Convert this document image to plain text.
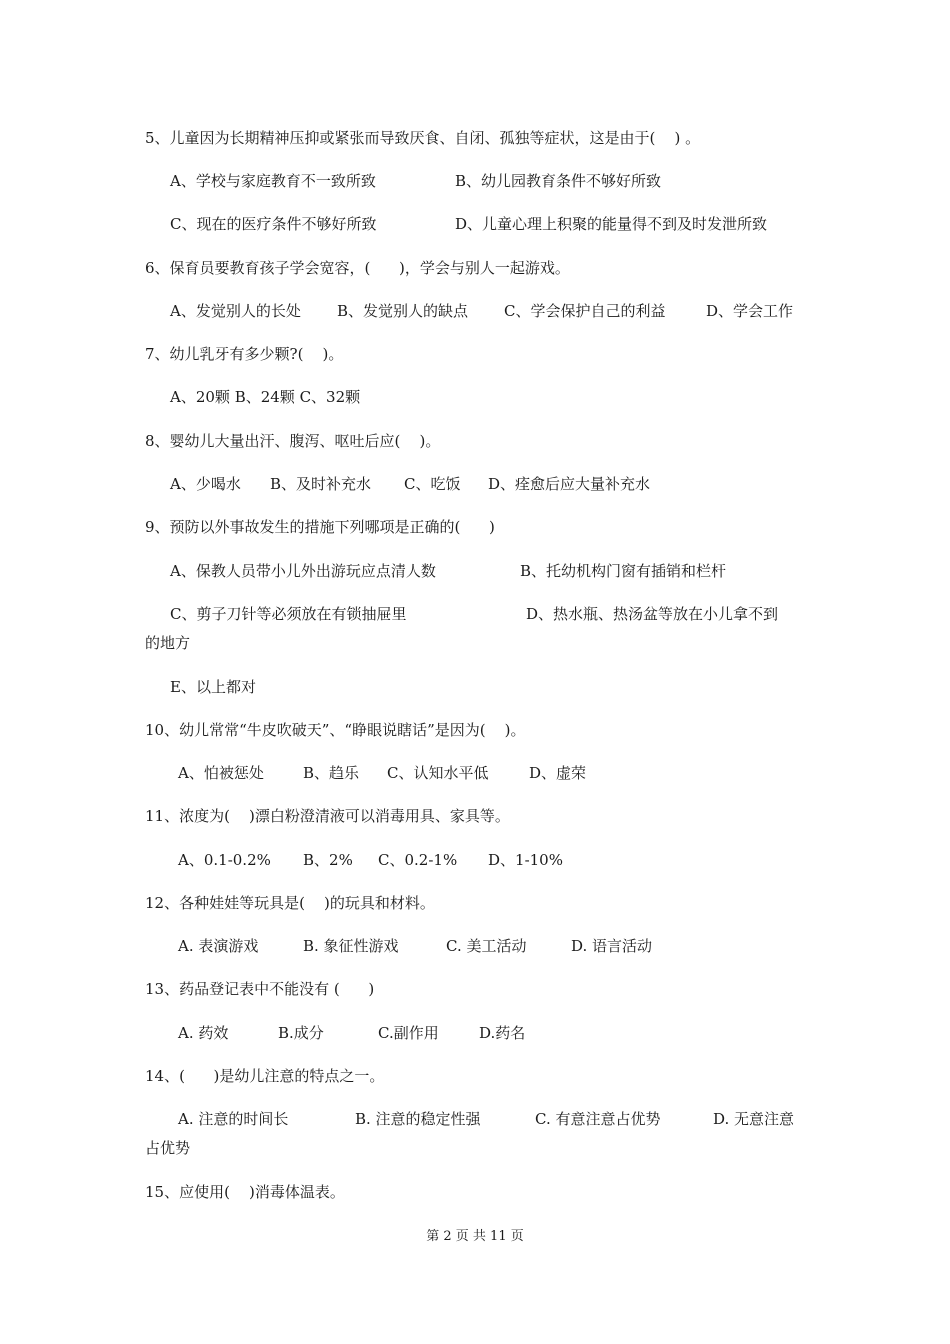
5、儿童因为长期精神压抑或紧张而导致厌食、自闭、孤独等症状，这是由于(    ) 。
A、学校与家庭教育不一致所致	B、幼儿园教育条件不够好所致
C、现在的医疗条件不够好所致	D、儿童心理上积聚的能量得不到及时发泄所致
6、保育员要教育孩子学会宽容，(      )，学会与别人一起游戏。
A、发觉别人的长处 B、发觉别人的缺点 C、学会保护自己的利益	D、学会工作
7、幼儿乳牙有多少颗?(    )。
A、20颗 B、24颗 C、32颗
8、婴幼儿大量出汗、腹泻、呕吐后应(    )。
A、少喝水 B、及时补充水 C、吃饭 D、痊愈后应大量补充水
9、预防以外事故发生的措施下列哪项是正确的(      )
A、保教人员带小儿外出游玩应点清人数	B、托幼机构门窗有插销和栏杆
C、剪子刀针等必须放在有锁抽屉里	D、热水瓶、热汤盆等放在小儿拿不到
的地方
E、以上都对
10、幼儿常常“牛皮吹破天”、“睁眼说瞎话”是因为(    )。
A、怕被惩处	B、趋乐 C、认知水平低	D、虚荣
11、浓度为(    )漂白粉澄清液可以消毒用具、家具等。
A、0.1-0.2% B、2% C、0.2-1% D、1-10%
12、各种娃娃等玩具是(    )的玩具和材料。
A. 表演游戏	B. 象征性游戏	C. 美工活动	D. 语言活动
13、药品登记表中不能没有 (      )
A. 药效	B.成分	C.副作用	D.药名
14、(      )是幼儿注意的特点之一。
A. 注意的时间长	B. 注意的稳定性强	C. 有意注意占优势	D. 无意注意
占优势
15、应使用(    )消毒体温表。
第 2 页 共 11 页
